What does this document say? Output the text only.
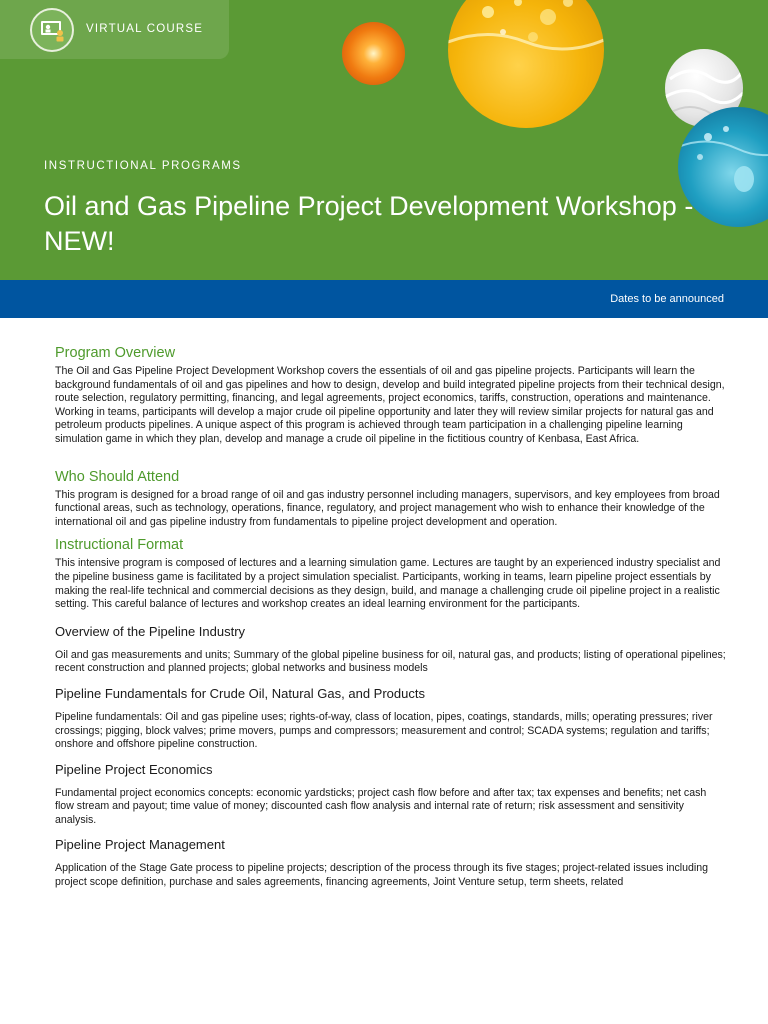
VIRTUAL COURSE
INSTRUCTIONAL PROGRAMS
Oil and Gas Pipeline Project Development Workshop - NEW!
Dates to be announced
Program Overview

The Oil and Gas Pipeline Project Development Workshop covers the essentials of oil and gas pipeline projects. Participants will learn the background fundamentals of oil and gas pipelines and how to design, develop and build integrated pipeline projects from their technical design, route selection, regulatory permitting, financing, and legal agreements, project economics, tariffs, construction, operations and maintenance. Working in teams, participants will develop a major crude oil pipeline opportunity and later they will review similar projects for natural gas and petroleum products pipelines. A unique aspect of this program is achieved through team participation in a challenging pipeline learning simulation game in which they plan, develop and manage a crude oil pipeline in the fictitious country of Kenbasa, East Africa.

Who Should Attend

This program is designed for a broad range of oil and gas industry personnel including managers, supervisors, and key employees from broad functional areas, such as technology, operations, finance, regulatory, and project management who wish to enhance their knowledge of the international oil and gas pipeline industry from fundamentals to pipeline project development and operation.

Instructional Format

This intensive program is composed of lectures and a learning simulation game. Lectures are taught by an experienced industry specialist and the pipeline business game is facilitated by a project simulation specialist. Participants, working in teams, learn pipeline project essentials by making the real-life technical and commercial decisions as they design, build, and manage a challenging crude oil pipeline project in a realistic setting. This careful balance of lectures and workshop creates an ideal learning environment for the participants.

Overview of the Pipeline Industry

Oil and gas measurements and units; Summary of the global pipeline business for oil, natural gas, and products; listing of operational pipelines; recent construction and planned projects; global networks and business models

Pipeline Fundamentals for Crude Oil, Natural Gas, and Products

Pipeline fundamentals: Oil and gas pipeline uses; rights-of-way, class of location, pipes, coatings, standards, mills; operating pressures; river crossings; pigging, block valves; prime movers, pumps and compressors; measurement and control; SCADA systems; regulation and tariffs; onshore and offshore pipeline construction.

Pipeline Project Economics

Fundamental project economics concepts: economic yardsticks; project cash flow before and after tax; tax expenses and benefits; net cash flow stream and payout; time value of money; discounted cash flow analysis and internal rate of return; risk assessment and sensitivity analysis.

Pipeline Project Management

Application of the Stage Gate process to pipeline projects; description of the process through its five stages; project-related issues including project scope definition, purchase and sales agreements, financing agreements, Joint Venture setup, term sheets, related
